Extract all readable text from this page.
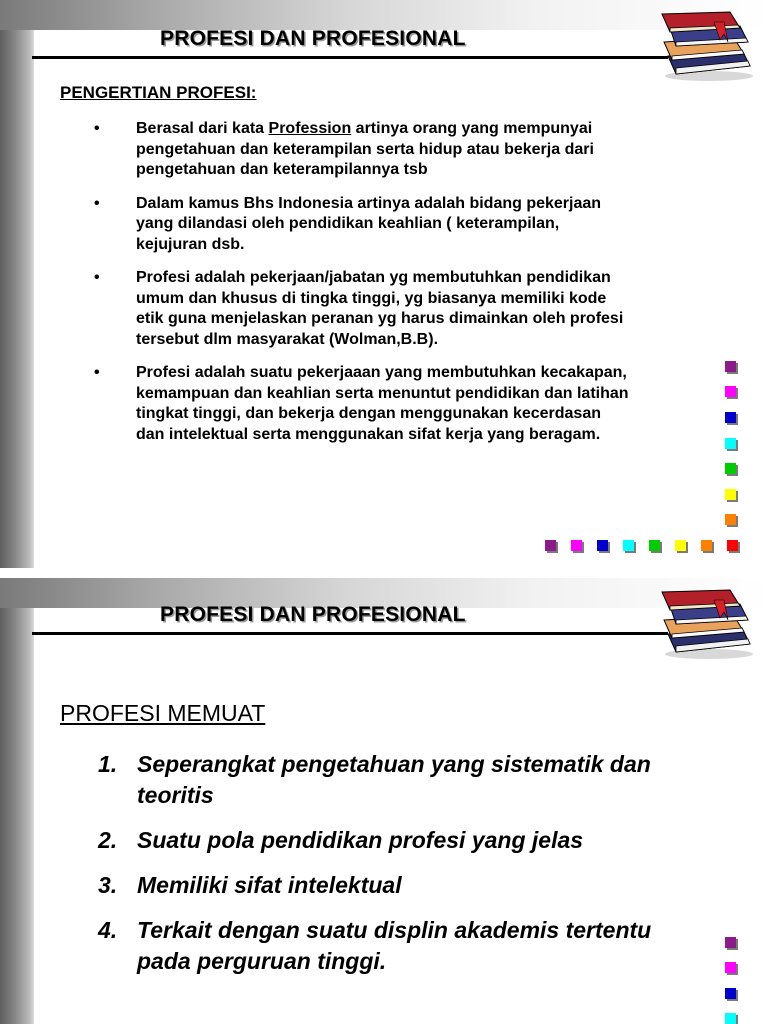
PROFESI DAN PROFESIONAL
PENGERTIAN PROFESI:
• Berasal dari kata Profession artinya orang yang mempunyai
pengetahuan dan keterampilan serta hidup atau bekerja dari
pengetahuan dan keterampilannya tsb
• Dalam kamus Bhs Indonesia artinya adalah bidang pekerjaan
yang dilandasi oleh pendidikan keahlian ( keterampilan,
kejujuran dsb.
• Profesi adalah pekerjaan/jabatan yg membutuhkan pendidikan
umum dan khusus di tingka tinggi, yg biasanya memiliki kode
etik guna menjelaskan peranan yg harus dimainkan oleh profesi
tersebut dlm masyarakat (Wolman,B.B).
• Profesi adalah suatu pekerjaaan yang membutuhkan kecakapan,
kemampuan dan keahlian serta menuntut pendidikan dan latihan
tingkat tinggi, dan bekerja dengan menggunakan kecerdasan
dan intelektual serta menggunakan sifat kerja yang beragam.
PROFESI DAN PROFESIONAL
PROFESI MEMUAT
1. Seperangkat pengetahuan yang sistematik dan
teoritis
2. Suatu pola pendidikan profesi yang jelas
3. Memiliki sifat intelektual
4. Terkait dengan suatu displin akademis tertentu
pada perguruan tinggi.
